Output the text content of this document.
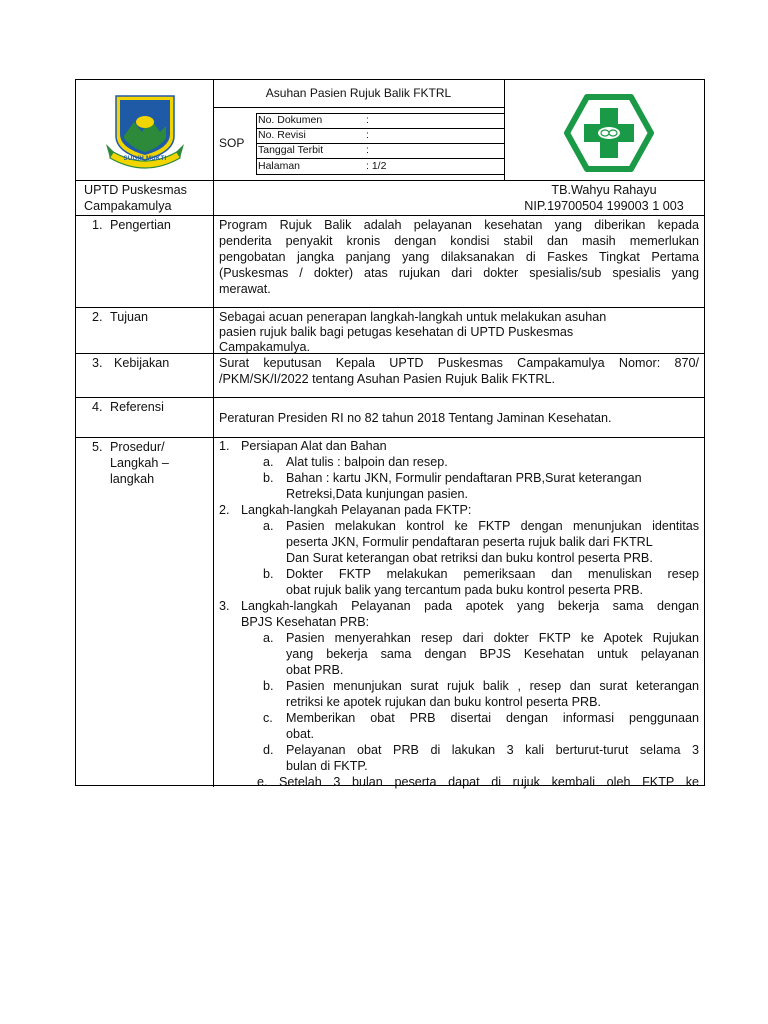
SUGIH MUKTI
Asuhan Pasien Rujuk Balik FKTRL
SOP
No. Dokumen	:
No. Revisi	:
Tanggal Terbit	:
Halaman	: 1/2
UPTD Puskesmas
Campakamulya
TB.Wahyu Rahayu
NIP.19700504 199003 1 003
1. Pengertian	Program Rujuk Balik adalah pelayanan kesehatan yang diberikan kepada
penderita penyakit kronis dengan kondisi stabil dan masih memerlukan
pengobatan jangka panjang yang dilaksanakan di Faskes Tingkat Pertama
(Puskesmas / dokter) atas rujukan dari dokter spesialis/sub spesialis yang
merawat.
2. Tujuan	Sebagai acuan penerapan langkah-langkah untuk melakukan asuhan
pasien rujuk balik bagi petugas kesehatan di UPTD Puskesmas
Campakamulya.
3. Kebijakan	Surat keputusan Kepala UPTD Puskesmas Campakamulya Nomor: 870/
/PKM/SK/I/2022 tentang Asuhan Pasien Rujuk Balik FKTRL.
4. Referensi
Peraturan Presiden RI no 82 tahun 2018 Tentang Jaminan Kesehatan.
5. Prosedur/
Langkah –
langkah
1. Persiapan Alat dan Bahan
a. Alat tulis : balpoin dan resep.
b. Bahan : kartu JKN, Formulir pendaftaran PRB,Surat keterangan
Retreksi,Data kunjungan pasien.
2. Langkah-langkah Pelayanan pada FKTP:
a. Pasien melakukan kontrol ke FKTP dengan menunjukan identitas
peserta JKN, Formulir pendaftaran peserta rujuk balik dari FKTRL
Dan Surat keterangan obat retriksi dan buku kontrol peserta PRB.
b. Dokter FKTP melakukan pemeriksaan dan menuliskan resep
obat rujuk balik yang tercantum pada buku kontrol peserta PRB.
3. Langkah-langkah Pelayanan pada apotek yang bekerja sama dengan
BPJS Kesehatan PRB:
a. Pasien menyerahkan resep dari dokter FKTP ke Apotek Rujukan
yang bekerja sama dengan BPJS Kesehatan untuk pelayanan
obat PRB.
b. Pasien menunjukan surat rujuk balik , resep dan surat keterangan
retriksi ke apotek rujukan dan buku kontrol peserta PRB.
c. Memberikan obat PRB disertai dengan informasi penggunaan
obat.
d. Pelayanan obat PRB di lakukan 3 kali berturut-turut selama 3
bulan di FKTP.
e. Setelah 3 bulan peserta dapat di rujuk kembali oleh FKTP ke
